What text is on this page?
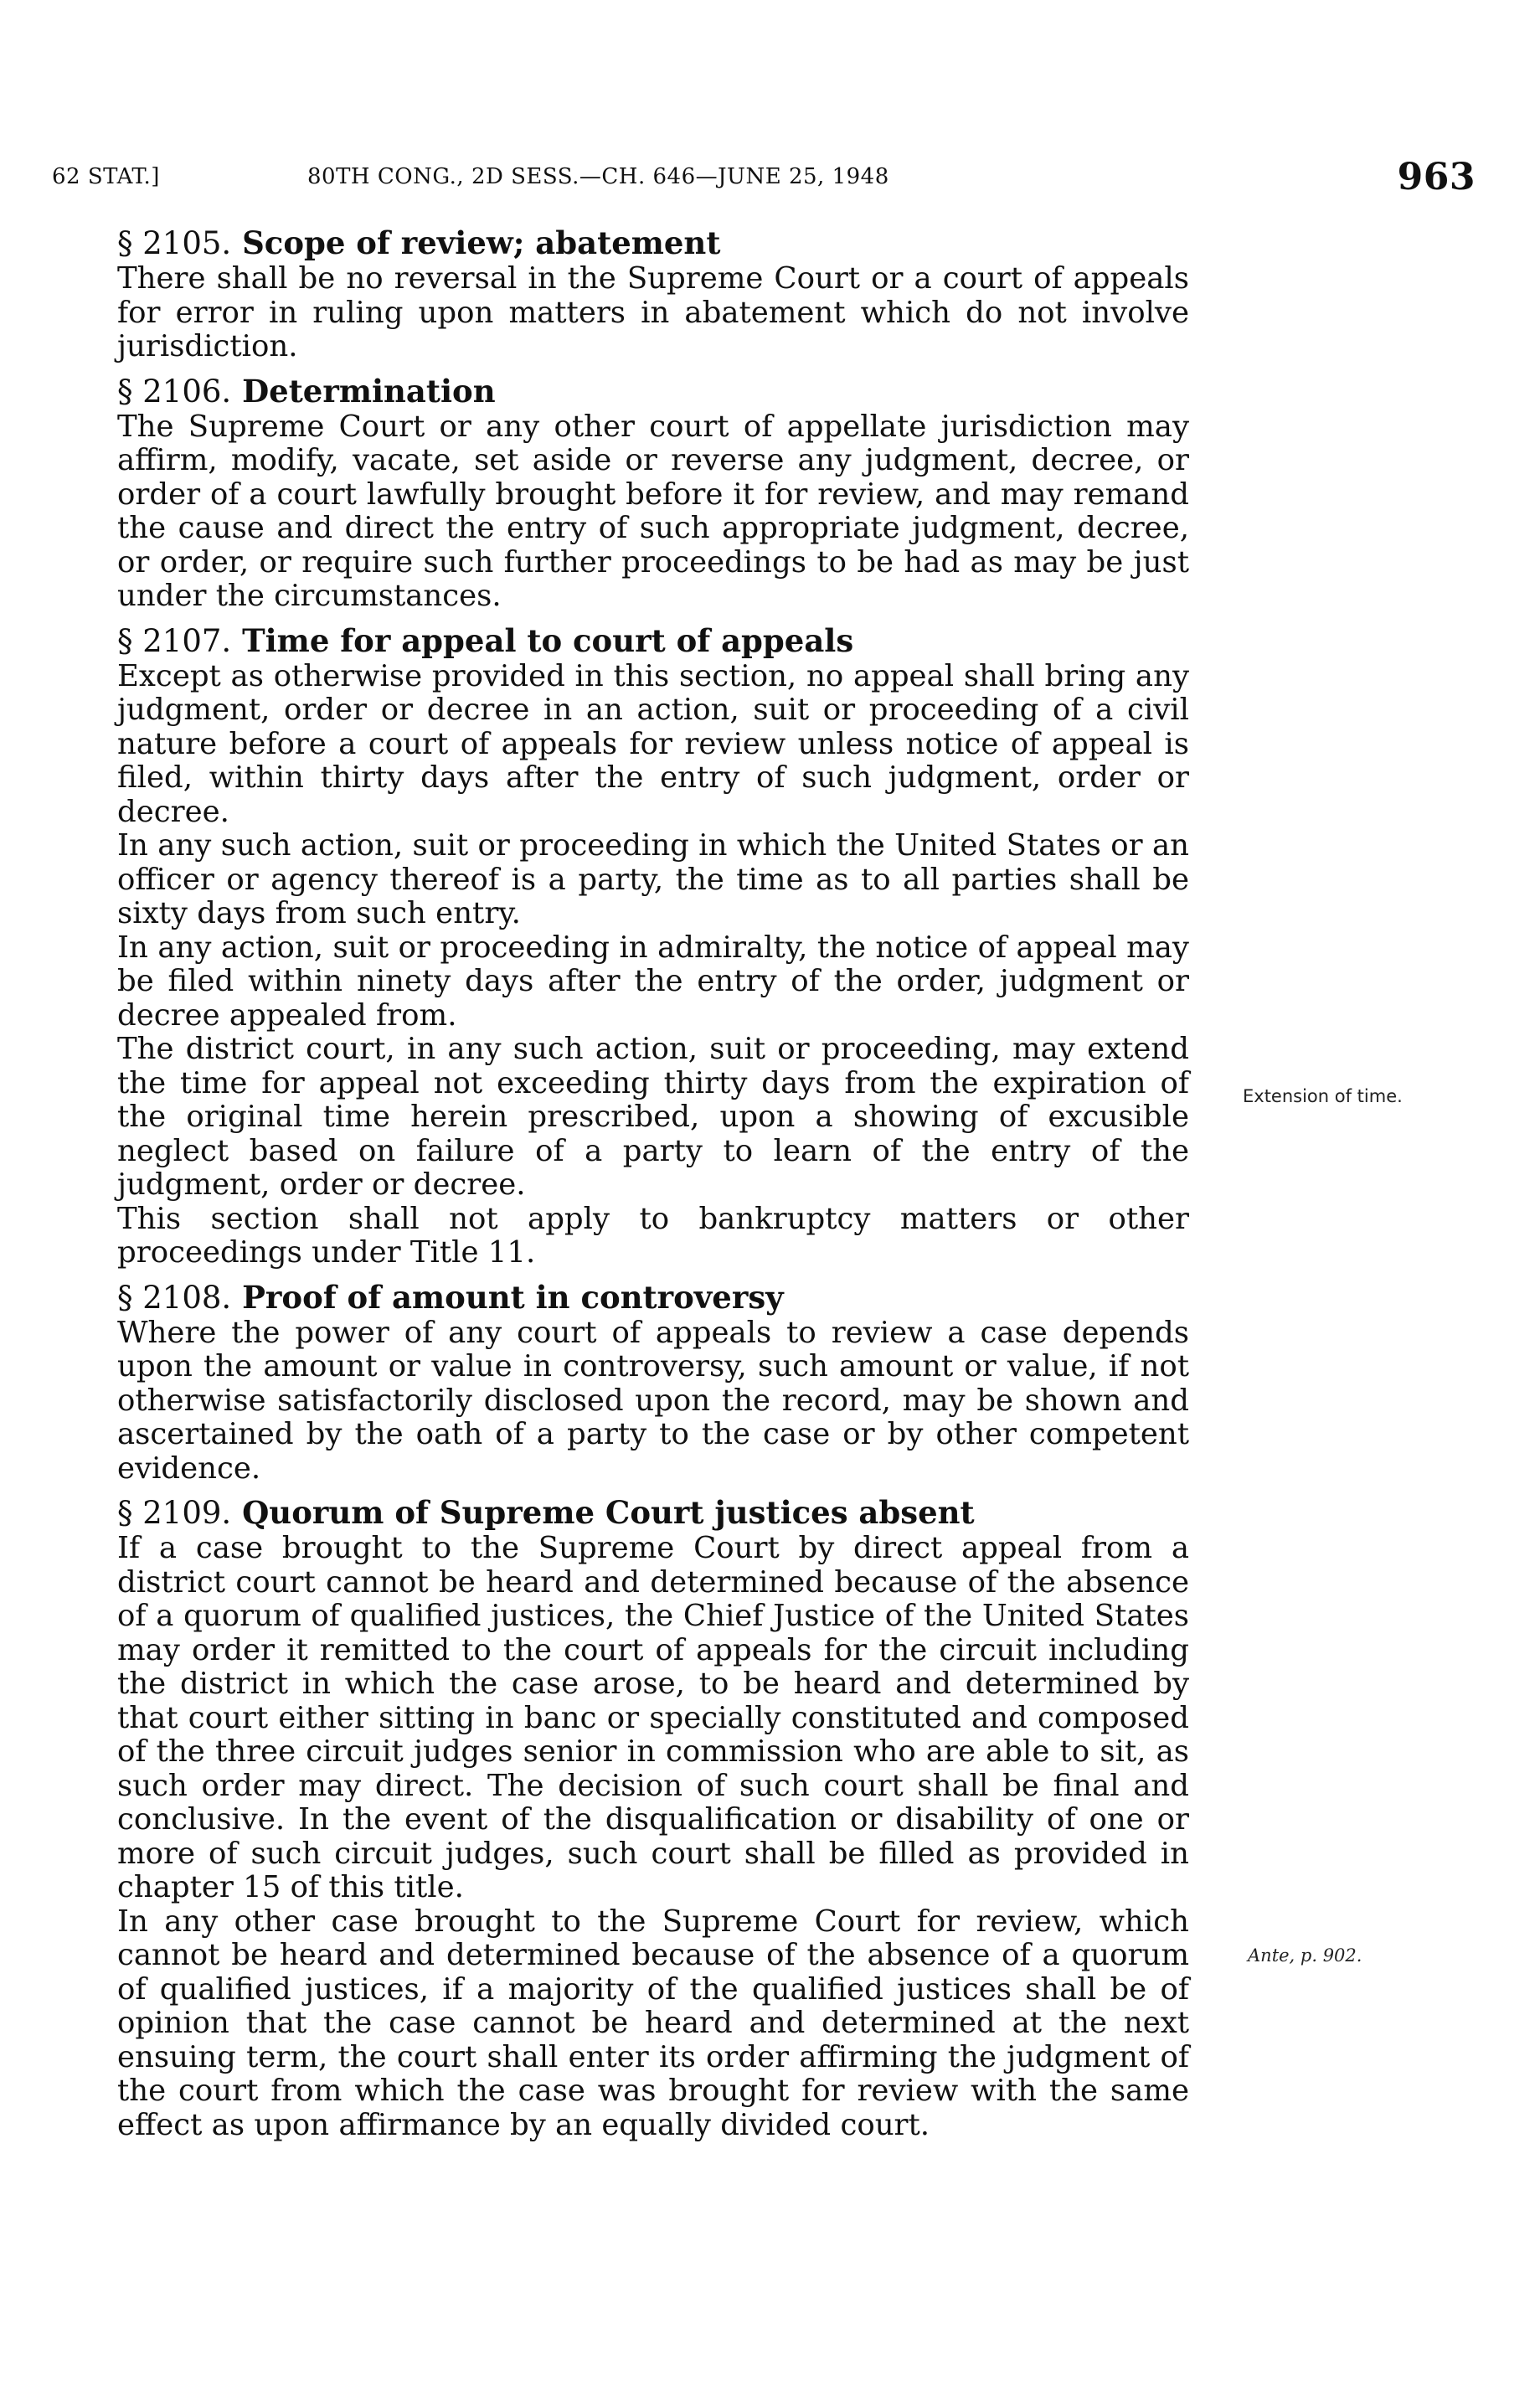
62 STAT.]	80TH CONG., 2D SESS.—CH. 646—JUNE 25, 1948	963

§ 2105. Scope of review; abatement

There shall be no reversal in the Supreme Court or a court of appeals for error in ruling upon matters in abatement which do not involve jurisdiction.

§ 2106. Determination

The Supreme Court or any other court of appellate jurisdiction may affirm, modify, vacate, set aside or reverse any judgment, decree, or order of a court lawfully brought before it for review, and may remand the cause and direct the entry of such appropriate judgment, decree, or order, or require such further proceedings to be had as may be just under the circumstances.

§ 2107. Time for appeal to court of appeals

Except as otherwise provided in this section, no appeal shall bring any judgment, order or decree in an action, suit or proceeding of a civil nature before a court of appeals for review unless notice of appeal is filed, within thirty days after the entry of such judgment, order or decree.

In any such action, suit or proceeding in which the United States or an officer or agency thereof is a party, the time as to all parties shall be sixty days from such entry.

In any action, suit or proceeding in admiralty, the notice of appeal may be filed within ninety days after the entry of the order, judgment or decree appealed from.

The district court, in any such action, suit or proceeding, may extend the time for appeal not exceeding thirty days from the expiration of the original time herein prescribed, upon a showing of excusible neglect based on failure of a party to learn of the entry of the judgment, order or decree.

This section shall not apply to bankruptcy matters or other proceedings under Title 11.

§ 2108. Proof of amount in controversy

Where the power of any court of appeals to review a case depends upon the amount or value in controversy, such amount or value, if not otherwise satisfactorily disclosed upon the record, may be shown and ascertained by the oath of a party to the case or by other competent evidence.

§ 2109. Quorum of Supreme Court justices absent

If a case brought to the Supreme Court by direct appeal from a district court cannot be heard and determined because of the absence of a quorum of qualified justices, the Chief Justice of the United States may order it remitted to the court of appeals for the circuit including the district in which the case arose, to be heard and determined by that court either sitting in banc or specially constituted and composed of the three circuit judges senior in commission who are able to sit, as such order may direct. The decision of such court shall be final and conclusive. In the event of the disqualification or disability of one or more of such circuit judges, such court shall be filled as provided in chapter 15 of this title.

In any other case brought to the Supreme Court for review, which cannot be heard and determined because of the absence of a quorum of qualified justices, if a majority of the qualified justices shall be of opinion that the case cannot be heard and determined at the next ensuing term, the court shall enter its order affirming the judgment of the court from which the case was brought for review with the same effect as upon affirmance by an equally divided court.

Extension of time.
Ante, p. 902.
